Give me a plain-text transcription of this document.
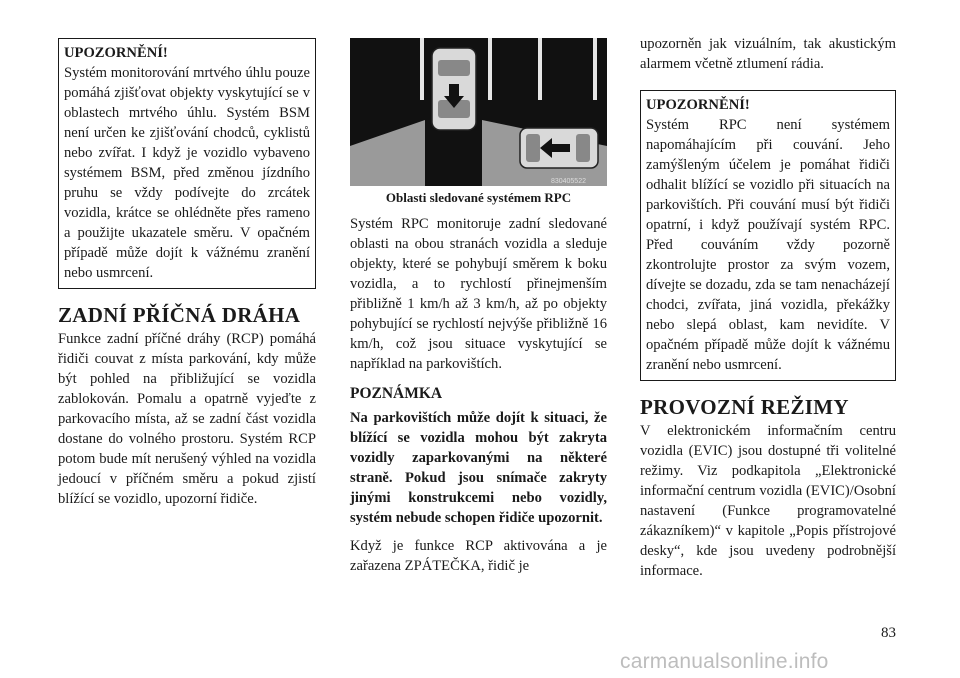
UPOZORNĚNÍ!
Systém monitorování mrtvého úhlu pouze pomáhá zjišťovat objekty vyskytující se v oblastech mrtvého úhlu. Systém BSM není určen ke zjišťování chodců, cyklistů nebo zvířat. I když je vozidlo vybaveno systémem BSM, před změnou jízdního pruhu se vždy podívejte do zrcátek vozidla, krátce se ohlédněte přes rameno a použijte ukazatele směru. V opačném případě může dojít k vážnému zranění nebo usmrcení.
ZADNÍ PŘÍČNÁ DRÁHA

Funkce zadní příčné dráhy (RCP) pomáhá řidiči couvat z místa parkování, kdy může být pohled na přibližující se vozidla zablokován. Pomalu a opatrně vyjeďte z parkovacího místa, až se zadní část vozidla dostane do volného prostoru. Systém RCP potom bude mít nerušený výhled na vozidla jedoucí v příčném směru a pokud zjistí blížící se vozidlo, upozorní řidiče.

830405522
Oblasti sledované systémem RPC

Systém RPC monitoruje zadní sledované oblasti na obou stranách vozidla a sleduje objekty, které se pohybují směrem k boku vozidla, a to rychlostí přinejmenším přibližně 1 km/h až 3 km/h, až po objekty pohybující se rychlostí nejvýše přibližně 16 km/h, což jsou situace vyskytující se například na parkovištích.

POZNÁMKA

Na parkovištích může dojít k situaci, že blížící se vozidla mohou být zakryta vozidly zaparkovanými na některé straně. Pokud jsou snímače zakryty jinými konstrukcemi nebo vozidly, systém nebude schopen řidiče upozornit.

Když je funkce RCP aktivována a je zařazena ZPÁTEČKA, řidič je

upozorněn jak vizuálním, tak akustickým alarmem včetně ztlumení rádia.

UPOZORNĚNÍ!
Systém RPC není systémem napomáhajícím při couvání. Jeho zamýšleným účelem je pomáhat řidiči odhalit blížící se vozidlo při situacích na parkovištích. Při couvání musí být řidiči opatrní, i když používají systém RPC. Před couváním vždy pozorně zkontrolujte prostor za svým vozem, dívejte se dozadu, zda se tam nenacházejí chodci, zvířata, jiná vozidla, překážky nebo slepá oblast, kam nevidíte. V opačném případě může dojít k vážnému zranění nebo usmrcení.
PROVOZNÍ REŽIMY

V elektronickém informačním centru vozidla (EVIC) jsou dostupné tři volitelné režimy. Viz podkapitola „Elektronické informační centrum vozidla (EVIC)/Osobní nastavení (Funkce programovatelné zákazníkem)“ v kapitole „Popis přístrojové desky“, kde jsou uvedeny podrobnější informace.

83
carmanualsonline.info
